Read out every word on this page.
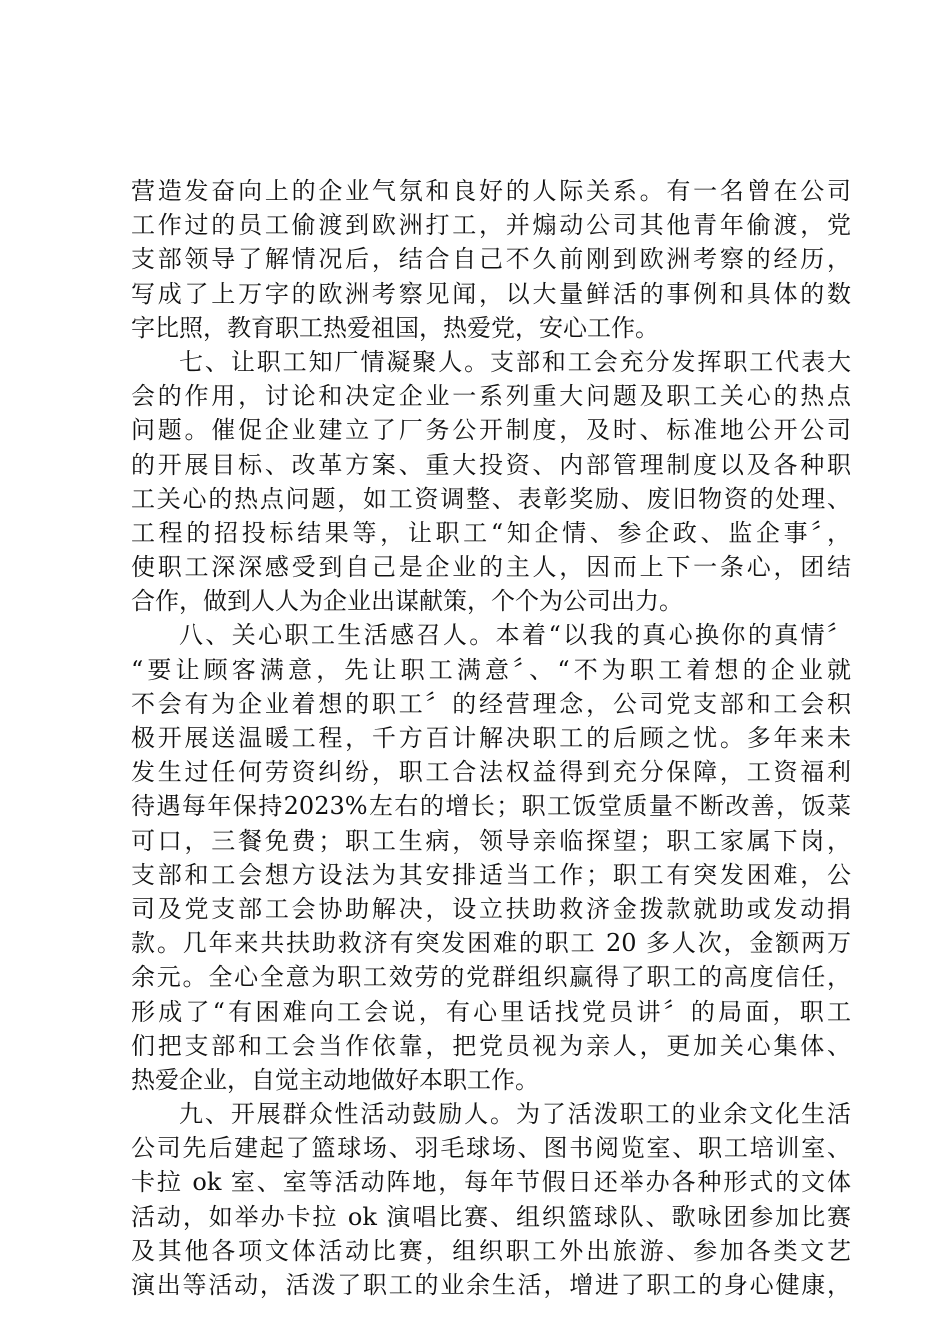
营造发奋向上的企业气氛和良好的人际关系。有一名曾在公司
工作过的员工偷渡到欧洲打工，并煽动公司其他青年偷渡，党
支部领导了解情况后，结合自己不久前刚到欧洲考察的经历，
写成了上万字的欧洲考察见闻，以大量鲜活的事例和具体的数
字比照，教育职工热爱祖国，热爱党，安心工作。
七、让职工知厂情凝聚人。支部和工会充分发挥职工代表大
会的作用，讨论和决定企业一系列重大问题及职工关心的热点
问题。催促企业建立了厂务公开制度，及时、标准地公开公司
的开展目标、改革方案、重大投资、内部管理制度以及各种职
工关心的热点问题，如工资调整、表彰奖励、废旧物资的处理、
工程的招投标结果等，让职工“知企情、参企政、监企事〞，
使职工深深感受到自己是企业的主人，因而上下一条心，团结
合作，做到人人为企业出谋献策，个个为公司出力。
八、关心职工生活感召人。本着“以我的真心换你的真情〞
“要让顾客满意，先让职工满意〞、“不为职工着想的企业就
不会有为企业着想的职工〞的经营理念，公司党支部和工会积
极开展送温暖工程，千方百计解决职工的后顾之忧。多年来未
发生过任何劳资纠纷，职工合法权益得到充分保障，工资福利
待遇每年保持2023%左右的增长；职工饭堂质量不断改善，饭菜
可口，三餐免费；职工生病，领导亲临探望；职工家属下岗，
支部和工会想方设法为其安排适当工作；职工有突发困难，公
司及党支部工会协助解决，设立扶助救济金拨款就助或发动捐
款。几年来共扶助救济有突发困难的职工 20 多人次，金额两万
余元。全心全意为职工效劳的党群组织赢得了职工的高度信任，
形成了“有困难向工会说，有心里话找党员讲〞的局面，职工
们把支部和工会当作依靠，把党员视为亲人，更加关心集体、
热爱企业，自觉主动地做好本职工作。
九、开展群众性活动鼓励人。为了活泼职工的业余文化生活
公司先后建起了篮球场、羽毛球场、图书阅览室、职工培训室、
卡拉 ok 室、室等活动阵地，每年节假日还举办各种形式的文体
活动，如举办卡拉 ok 演唱比赛、组织篮球队、歌咏团参加比赛
及其他各项文体活动比赛，组织职工外出旅游、参加各类文艺
演出等活动，活泼了职工的业余生活，增进了职工的身心健康，
